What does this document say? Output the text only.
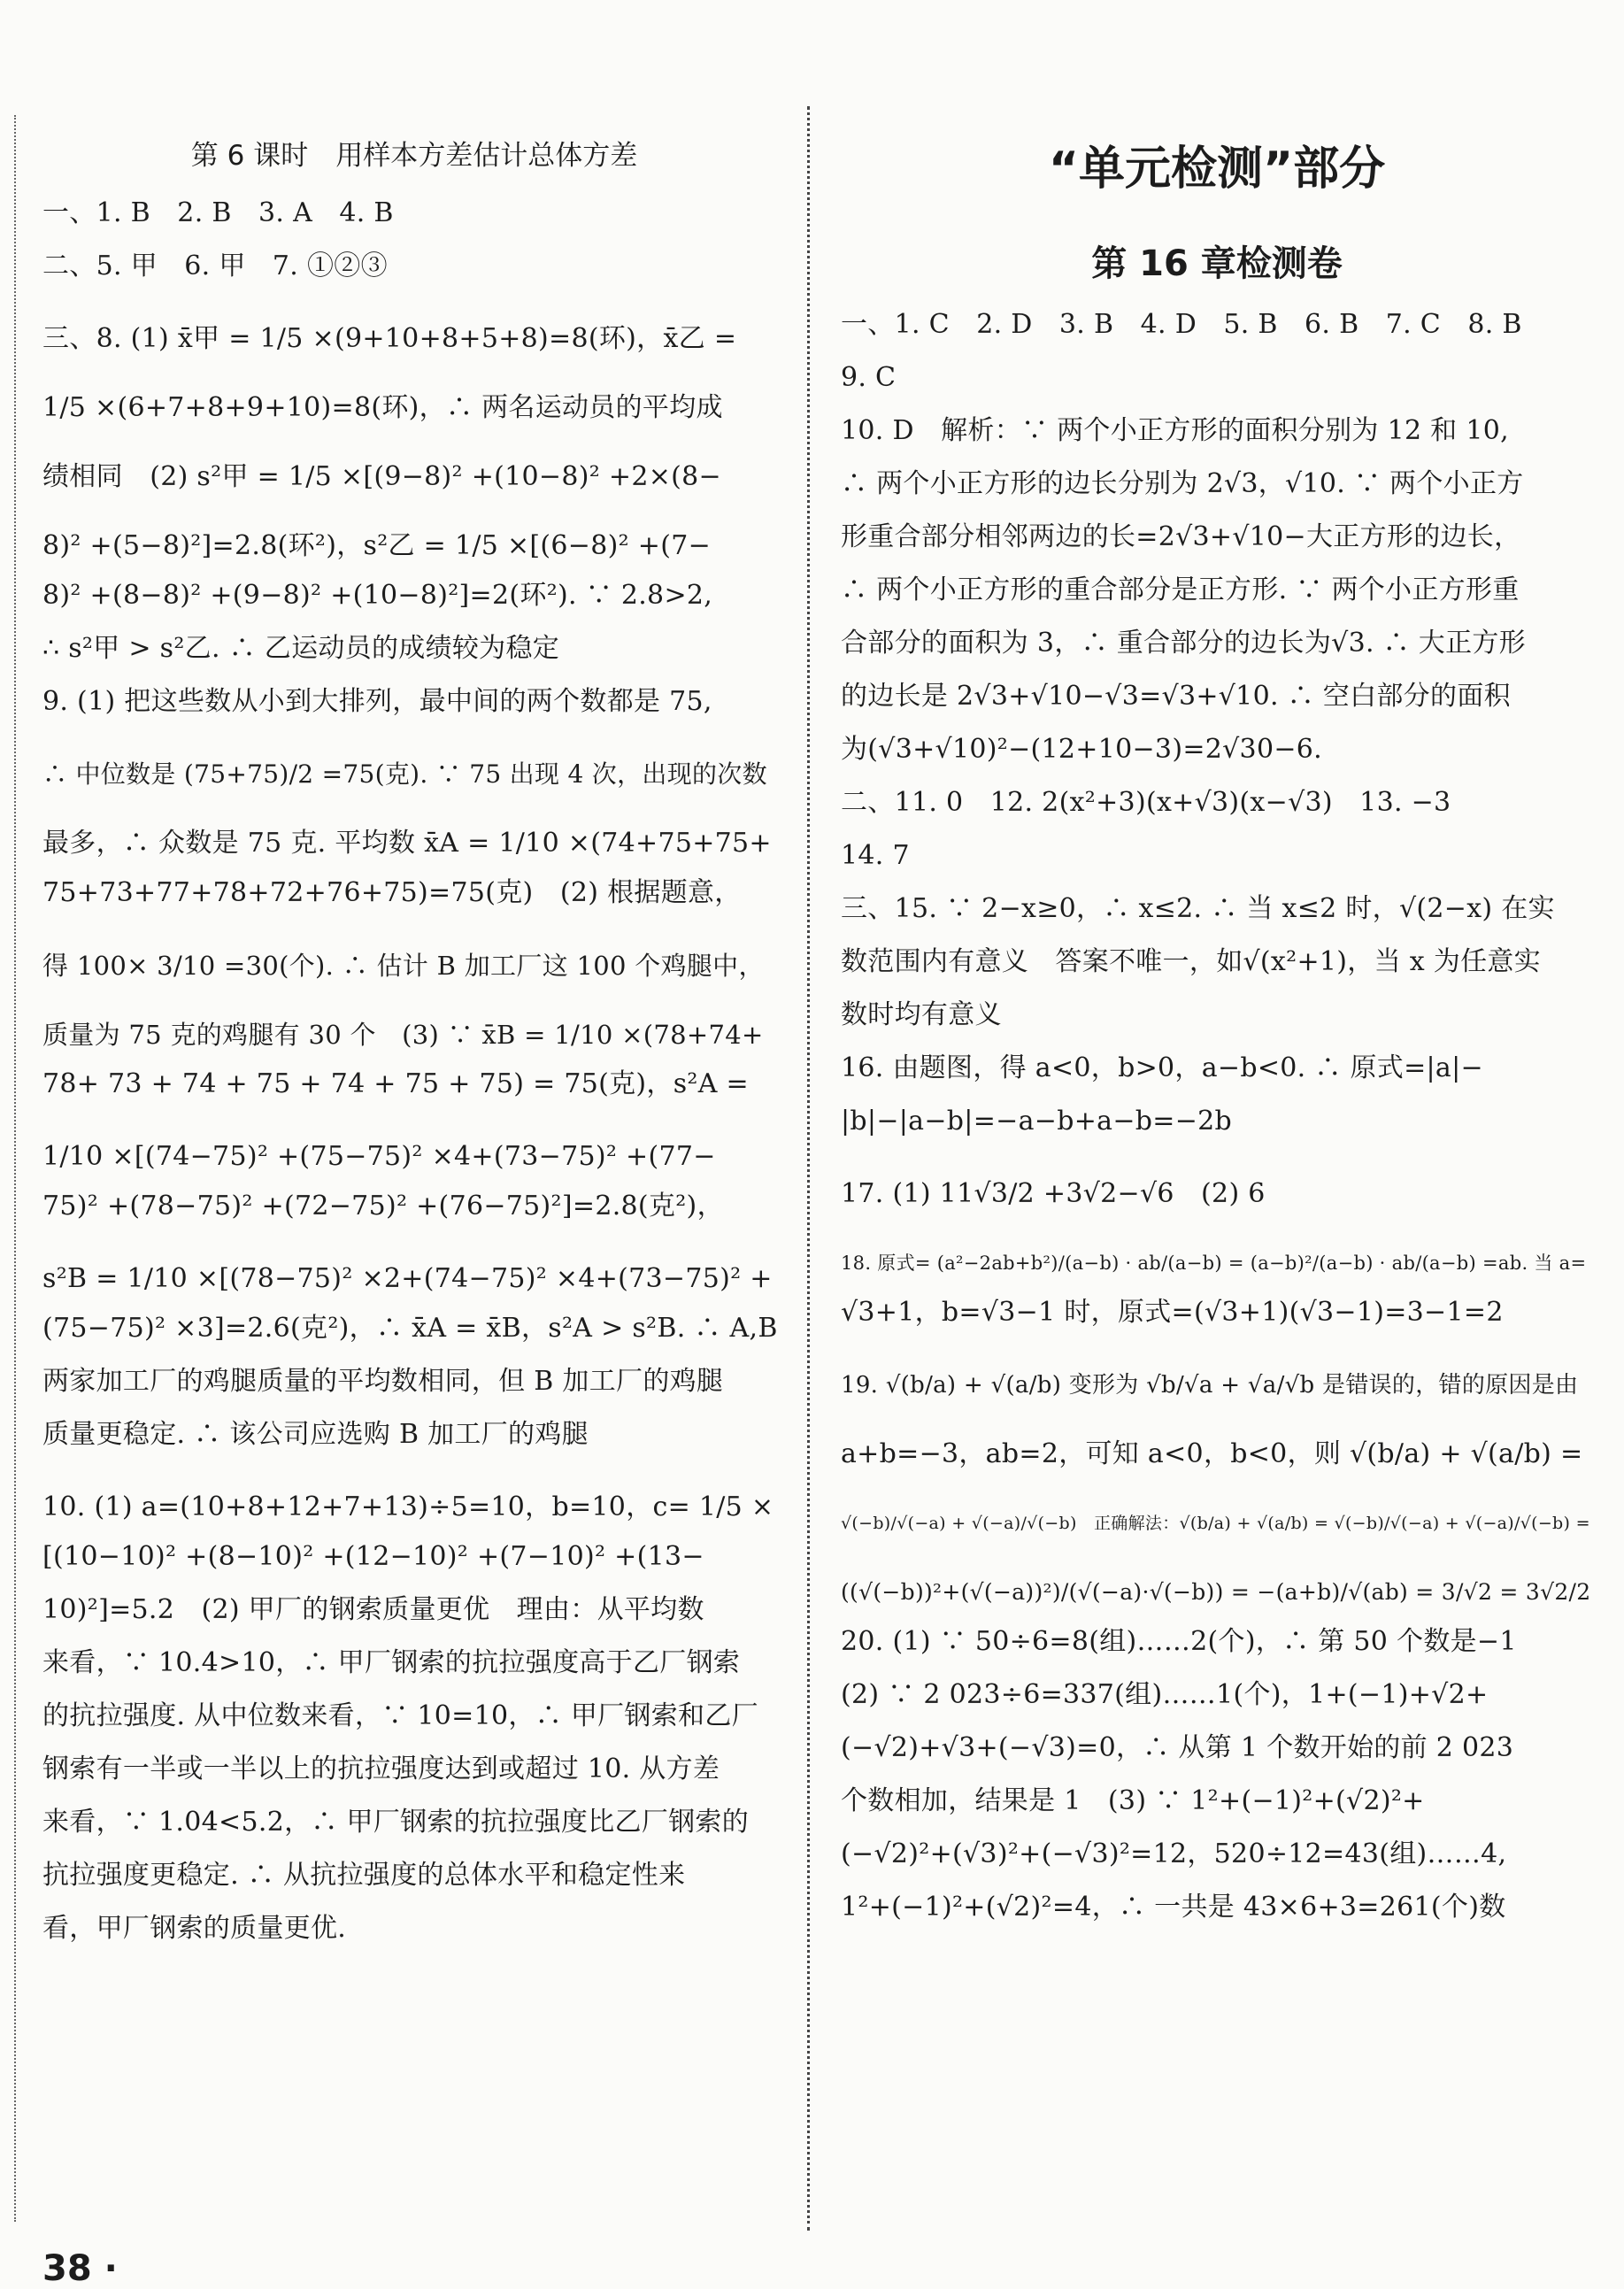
第 6 课时　用样本方差估计总体方差
一、1. B　2. B　3. A　4. B
二、5. 甲　6. 甲　7. ①②③
三、8. (1) x̄甲 = 1/5 ×(9+10+8+5+8)=8(环)，x̄乙 =
1/5 ×(6+7+8+9+10)=8(环)，∴ 两名运动员的平均成
绩相同　(2) s²甲 = 1/5 ×[(9−8)² +(10−8)² +2×(8−
8)² +(5−8)²]=2.8(环²)，s²乙 = 1/5 ×[(6−8)² +(7−
8)² +(8−8)² +(9−8)² +(10−8)²]=2(环²). ∵ 2.8>2,
∴ s²甲 > s²乙. ∴ 乙运动员的成绩较为稳定
9. (1) 把这些数从小到大排列，最中间的两个数都是 75,
∴ 中位数是 (75+75)/2 =75(克). ∵ 75 出现 4 次，出现的次数
最多，∴ 众数是 75 克. 平均数 x̄A = 1/10 ×(74+75+75+
75+73+77+78+72+76+75)=75(克)　(2) 根据题意，
得 100× 3/10 =30(个). ∴ 估计 B 加工厂这 100 个鸡腿中，
质量为 75 克的鸡腿有 30 个　(3) ∵ x̄B = 1/10 ×(78+74+
78+ 73 + 74 + 75 + 74 + 75 + 75) = 75(克)，s²A =
1/10 ×[(74−75)² +(75−75)² ×4+(73−75)² +(77−
75)² +(78−75)² +(72−75)² +(76−75)²]=2.8(克²)，
s²B = 1/10 ×[(78−75)² ×2+(74−75)² ×4+(73−75)² +
(75−75)² ×3]=2.6(克²)，∴ x̄A = x̄B，s²A > s²B. ∴ A,B
两家加工厂的鸡腿质量的平均数相同，但 B 加工厂的鸡腿
质量更稳定. ∴ 该公司应选购 B 加工厂的鸡腿
10. (1) a=(10+8+12+7+13)÷5=10，b=10，c= 1/5 ×
[(10−10)² +(8−10)² +(12−10)² +(7−10)² +(13−
10)²]=5.2　(2) 甲厂的钢索质量更优　理由：从平均数
来看，∵ 10.4>10，∴ 甲厂钢索的抗拉强度高于乙厂钢索
的抗拉强度. 从中位数来看，∵ 10=10，∴ 甲厂钢索和乙厂
钢索有一半或一半以上的抗拉强度达到或超过 10. 从方差
来看，∵ 1.04<5.2，∴ 甲厂钢索的抗拉强度比乙厂钢索的
抗拉强度更稳定. ∴ 从抗拉强度的总体水平和稳定性来
看，甲厂钢索的质量更优.
38 ·
“单元检测”部分
第 16 章检测卷
一、1. C　2. D　3. B　4. D　5. B　6. B　7. C　8. B
9. C
10. D　解析：∵ 两个小正方形的面积分别为 12 和 10,
∴ 两个小正方形的边长分别为 2√3，√10. ∵ 两个小正方
形重合部分相邻两边的长=2√3+√10−大正方形的边长，
∴ 两个小正方形的重合部分是正方形. ∵ 两个小正方形重
合部分的面积为 3，∴ 重合部分的边长为√3. ∴ 大正方形
的边长是 2√3+√10−√3=√3+√10. ∴ 空白部分的面积
为(√3+√10)²−(12+10−3)=2√30−6.
二、11. 0　12. 2(x²+3)(x+√3)(x−√3)　13. −3
14. 7
三、15. ∵ 2−x≥0，∴ x≤2. ∴ 当 x≤2 时，√(2−x) 在实
数范围内有意义　答案不唯一，如√(x²+1)，当 x 为任意实
数时均有意义
16. 由题图，得 a<0，b>0，a−b<0. ∴ 原式=|a|−
|b|−|a−b|=−a−b+a−b=−2b
17. (1) 11√3/2 +3√2−√6　(2) 6
18. 原式= (a²−2ab+b²)/(a−b) · ab/(a−b) = (a−b)²/(a−b) · ab/(a−b) =ab. 当 a=
√3+1，b=√3−1 时，原式=(√3+1)(√3−1)=3−1=2
19. √(b/a) + √(a/b) 变形为 √b/√a + √a/√b 是错误的，错的原因是由
a+b=−3，ab=2，可知 a<0，b<0，则 √(b/a) + √(a/b) =
√(−b)/√(−a) + √(−a)/√(−b)　正确解法：√(b/a) + √(a/b) = √(−b)/√(−a) + √(−a)/√(−b) =
((√(−b))²+(√(−a))²)/(√(−a)·√(−b)) = −(a+b)/√(ab) = 3/√2 = 3√2/2
20. (1) ∵ 50÷6=8(组)……2(个)，∴ 第 50 个数是−1
(2) ∵ 2 023÷6=337(组)……1(个)，1+(−1)+√2+
(−√2)+√3+(−√3)=0，∴ 从第 1 个数开始的前 2 023
个数相加，结果是 1　(3) ∵ 1²+(−1)²+(√2)²+
(−√2)²+(√3)²+(−√3)²=12，520÷12=43(组)……4,
1²+(−1)²+(√2)²=4，∴ 一共是 43×6+3=261(个)数
